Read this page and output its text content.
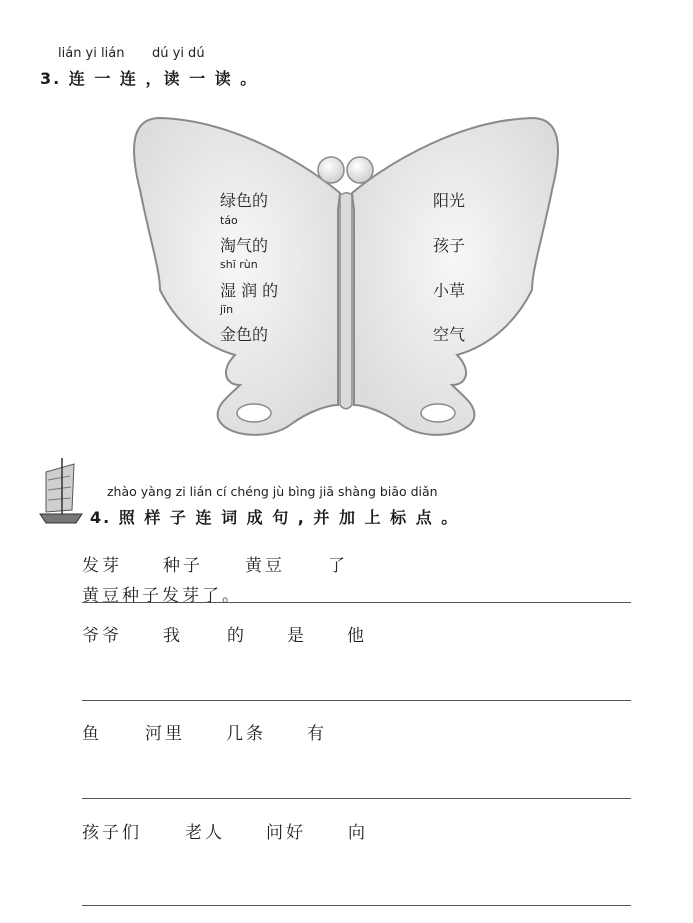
lián yi lián dú yi dú
3. 连 一 连 ，读 一 读 。
绿色的
táo
淘气的
shī rùn
湿 润 的
jīn
金色的
阳光
孩子
小草
空气
zhào yàng zi lián cí chéng jù bìng jiā shàng biāo diǎn
4. 照 样 子 连 词 成 句 , 并 加 上 标 点 。
发芽 种子 黄豆	了
黄豆种子发芽了。
爷爷 我	的 是 他
鱼	河里 几条 有
孩子们	老人 问好 向
